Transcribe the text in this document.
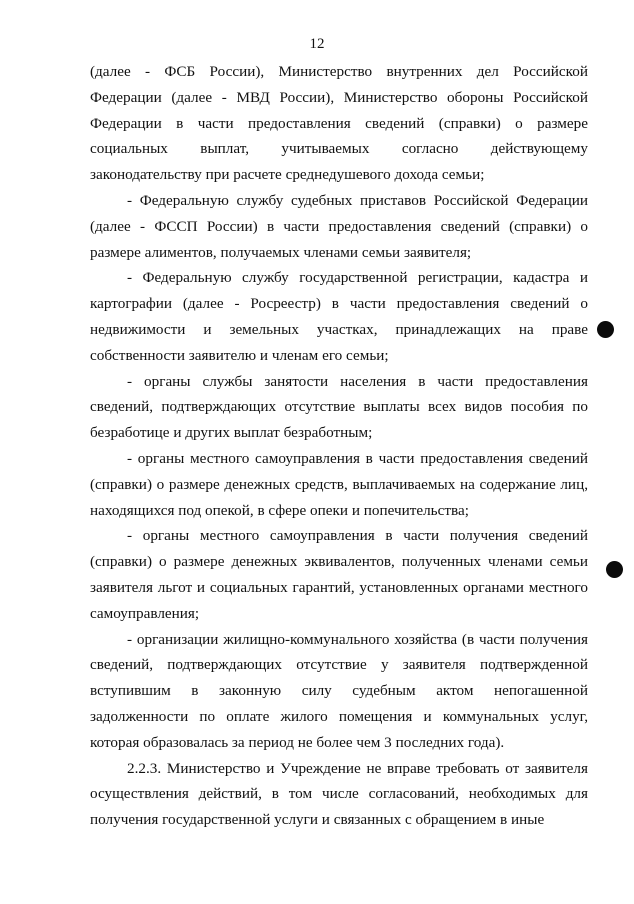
12

(далее - ФСБ России), Министерство внутренних дел Российской Федерации (далее - МВД России), Министерство обороны Российской Федерации в части предоставления сведений (справки) о размере социальных выплат, учитываемых согласно действующему законодательству при расчете среднедушевого дохода семьи;

- Федеральную службу судебных приставов Российской Федерации (далее - ФССП России) в части предоставления сведений (справки) о размере алиментов, получаемых членами семьи заявителя;

- Федеральную службу государственной регистрации, кадастра и картографии (далее - Росреестр) в части предоставления сведений о недвижимости и земельных участках, принадлежащих на праве собственности заявителю и членам его семьи;

- органы службы занятости населения в части предоставления сведений, подтверждающих отсутствие выплаты всех видов пособия по безработице и других выплат безработным;

- органы местного самоуправления в части предоставления сведений (справки) о размере денежных средств, выплачиваемых на содержание лиц, находящихся под опекой, в сфере опеки и попечительства;

- органы местного самоуправления в части получения сведений (справки) о размере денежных эквивалентов, полученных членами семьи заявителя льгот и социальных гарантий, установленных органами местного самоуправления;

- организации жилищно-коммунального хозяйства (в части получения сведений, подтверждающих отсутствие у заявителя подтвержденной вступившим в законную силу судебным актом непогашенной задолженности по оплате жилого помещения и коммунальных услуг, которая образовалась за период не более чем 3 последних года).

2.2.3. Министерство и Учреждение не вправе требовать от заявителя осуществления действий, в том числе согласований, необходимых для получения государственной услуги и связанных с обращением в иные
